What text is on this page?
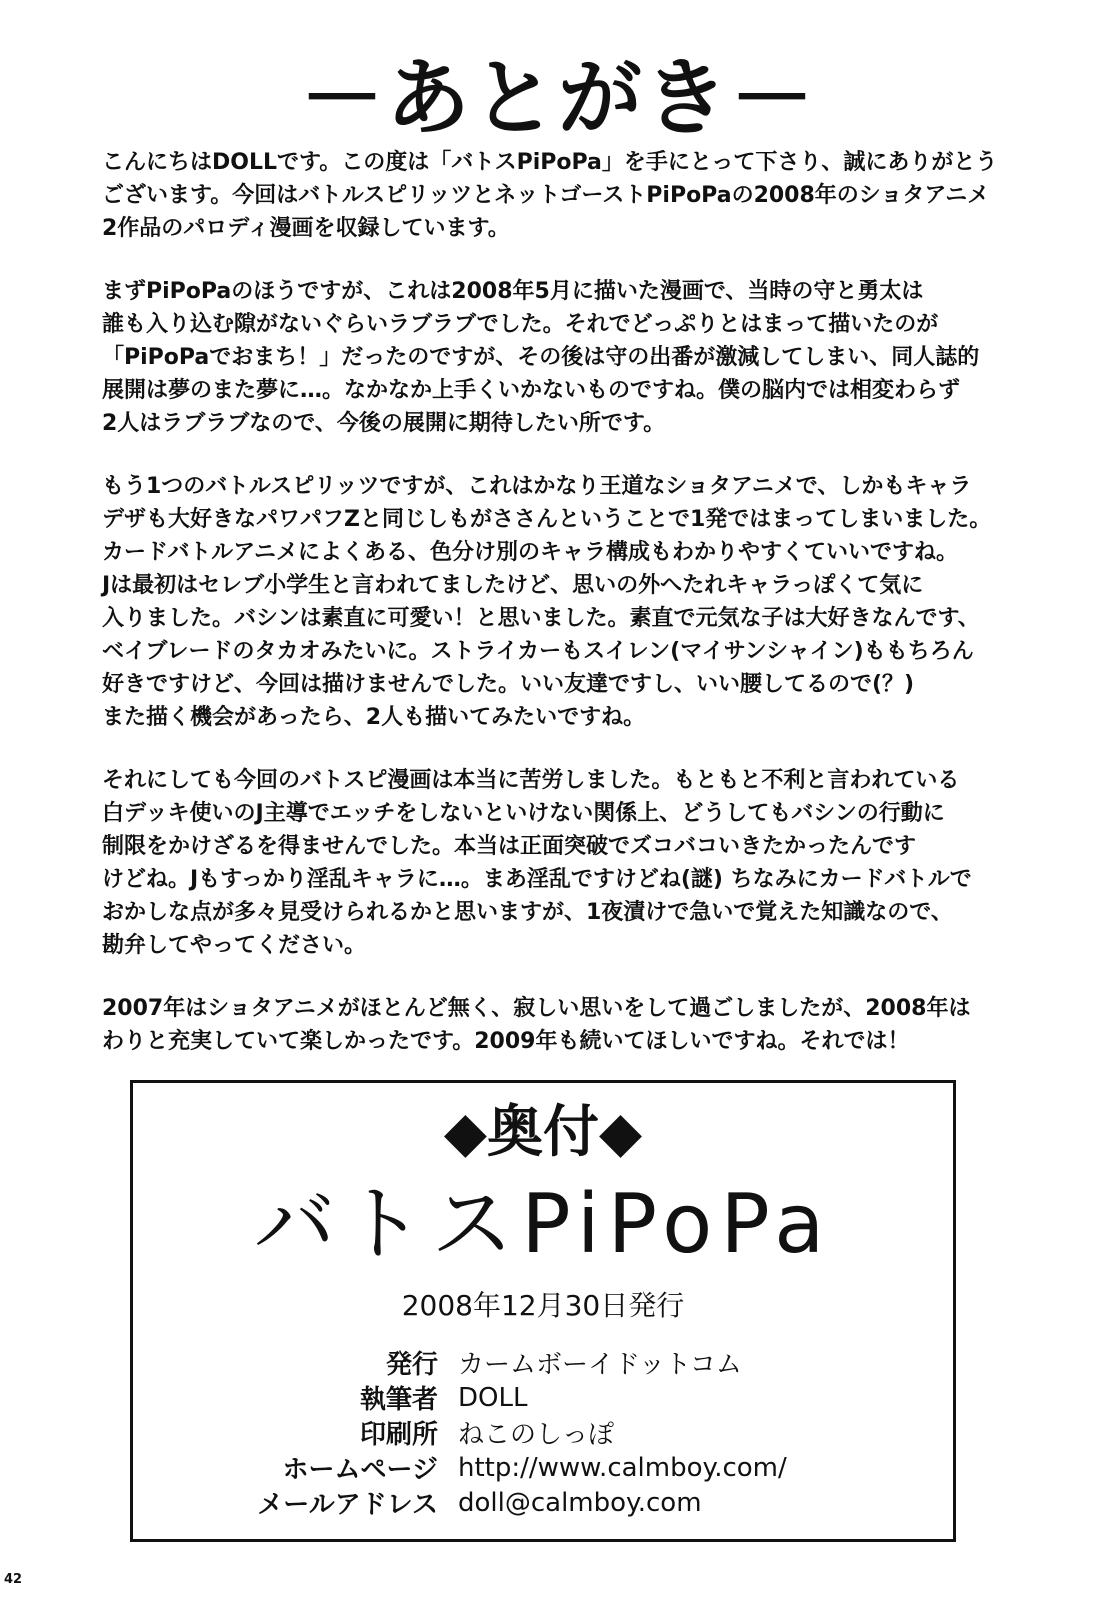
－あとがき－

こんにちはDOLLです。この度は「バトスPiPoPa」を手にとって下さり、誠にありがとう
ございます。今回はバトルスピリッツとネットゴーストPiPoPaの2008年のショタアニメ
2作品のパロディ漫画を収録しています。

まずPiPoPaのほうですが、これは2008年5月に描いた漫画で、当時の守と勇太は
誰も入り込む隙がないぐらいラブラブでした。それでどっぷりとはまって描いたのが
「PiPoPaでおまち！」だったのですが、その後は守の出番が激減してしまい、同人誌的
展開は夢のまた夢に…。なかなか上手くいかないものですね。僕の脳内では相変わらず
2人はラブラブなので、今後の展開に期待したい所です。

もう1つのバトルスピリッツですが、これはかなり王道なショタアニメで、しかもキャラ
デザも大好きなパワパフZと同じしもがささんということで1発ではまってしまいました。
カードバトルアニメによくある、色分け別のキャラ構成もわかりやすくていいですね。
Jは最初はセレブ小学生と言われてましたけど、思いの外へたれキャラっぽくて気に
入りました。バシンは素直に可愛い！と思いました。素直で元気な子は大好きなんです、
ベイブレードのタカオみたいに。ストライカーもスイレン(マイサンシャイン)ももちろん
好きですけど、今回は描けませんでした。いい友達ですし、いい腰してるので(？)
また描く機会があったら、2人も描いてみたいですね。

それにしても今回のバトスピ漫画は本当に苦労しました。もともと不利と言われている
白デッキ使いのJ主導でエッチをしないといけない関係上、どうしてもバシンの行動に
制限をかけざるを得ませんでした。本当は正面突破でズコバコいきたかったんです
けどね。Jもすっかり淫乱キャラに…。まあ淫乱ですけどね(謎) ちなみにカードバトルで
おかしな点が多々見受けられるかと思いますが、1夜漬けで急いで覚えた知識なので、
勘弁してやってください。

2007年はショタアニメがほとんど無く、寂しい思いをして過ごしましたが、2008年は
わりと充実していて楽しかったです。2009年も続いてほしいですね。それでは！

◆奥付◆
バトスPiPoPa
2008年12月30日発行
発行 カームボーイドットコム
執筆者 DOLL
印刷所 ねこのしっぽ
ホームページ http://www.calmboy.com/
メールアドレス doll@calmboy.com
42
